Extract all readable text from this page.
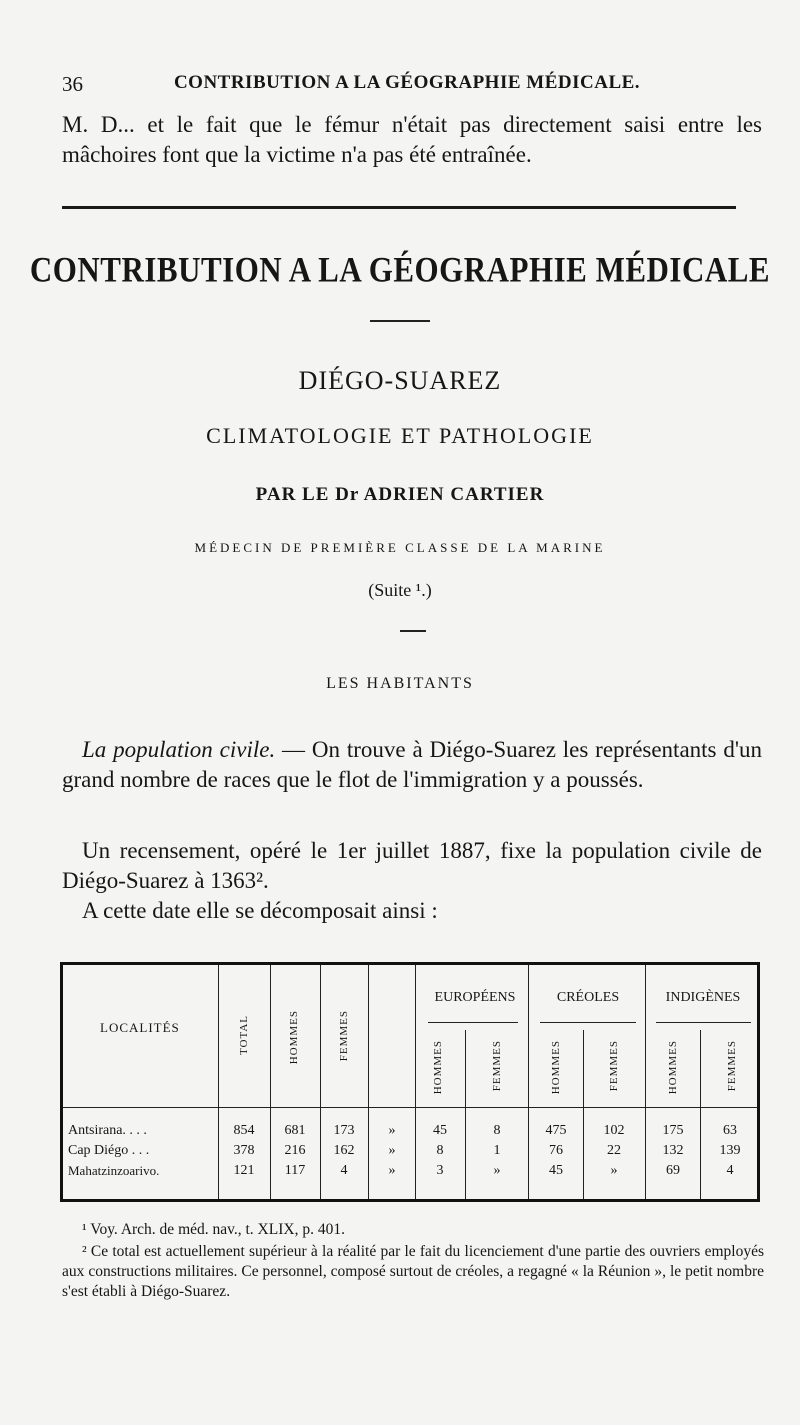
36	CONTRIBUTION A LA GÉOGRAPHIE MÉDICALE.
M. D... et le fait que le fémur n'était pas directement saisi entre les mâchoires font que la victime n'a pas été entraînée.
CONTRIBUTION A LA GÉOGRAPHIE MÉDICALE
DIÉGO-SUAREZ
CLIMATOLOGIE ET PATHOLOGIE
PAR LE Dr ADRIEN CARTIER
MÉDECIN DE PREMIÈRE CLASSE DE LA MARINE
(Suite ¹.)
LES HABITANTS
La population civile. — On trouve à Diégo-Suarez les représentants d'un grand nombre de races que le flot de l'immigration y a poussés.
Un recensement, opéré le 1er juillet 1887, fixe la population civile de Diégo-Suarez à 1363².
A cette date elle se décomposait ainsi :
LOCALITÉS	TOTAL	HOMMES	FEMMES
EUROPÉENS	CRÉOLES	INDIGÈNES
HOMMES	FEMMES	HOMMES	FEMMES	HOMMES	FEMMES
Antsirana. . . .	854	681	173	»	45	8	475	102	175	63
Cap Diégo . . .	378	216	162	»	8	1	76	22	132	139
Mahatzinzoarivo.	121	117	4	»	3	»	45	»	69	4
¹ Voy. Arch. de méd. nav., t. XLIX, p. 401.
² Ce total est actuellement supérieur à la réalité par le fait du licenciement d'une partie des ouvriers employés aux constructions militaires. Ce personnel, composé surtout de créoles, a regagné « la Réunion », le petit nombre s'est établi à Diégo-Suarez.
